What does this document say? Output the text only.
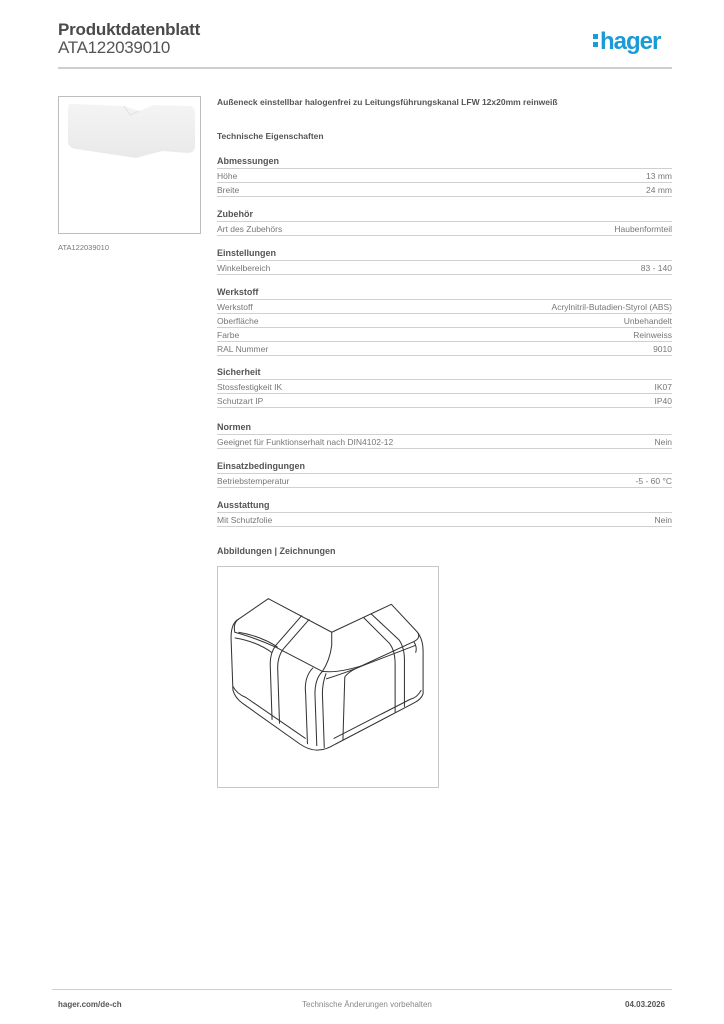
Produktdatenblatt
ATA122039010	hager
ATA122039010
Außeneck einstellbar halogenfrei zu Leitungsführungskanal LFW 12x20mm reinweiß
Technische Eigenschaften
Abmessungen
Höhe	13 mm
Breite	24 mm
Zubehör
Art des Zubehörs	Haubenformteil
Einstellungen
Winkelbereich	83 - 140
Werkstoff
Werkstoff	Acrylnitril-Butadien-Styrol (ABS)
Oberfläche	Unbehandelt
Farbe	Reinweiss
RAL Nummer	9010
Sicherheit
Stossfestigkeit IK	IK07
Schutzart IP	IP40
Normen
Geeignet für Funktionserhalt nach DIN4102-12	Nein
Einsatzbedingungen
Betriebstemperatur	-5 - 60 °C
Ausstattung
Mit Schutzfolie	Nein
Abbildungen | Zeichnungen
hager.com/de-ch	Technische Änderungen vorbehalten	04.03.2026
